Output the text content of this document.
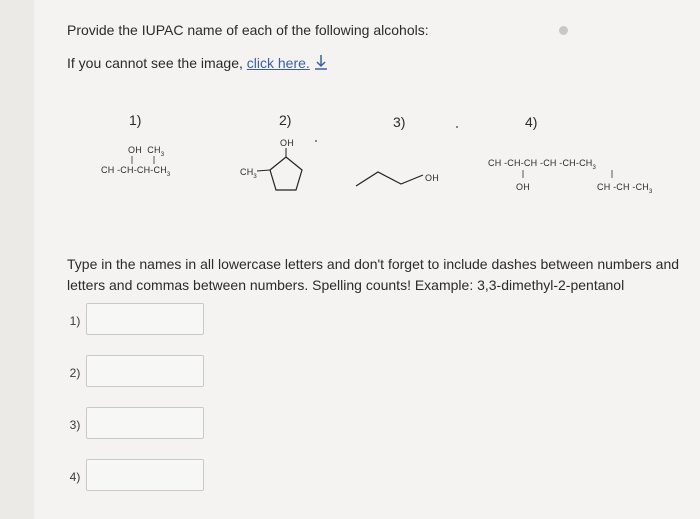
Provide the IUPAC name of each of the following alcohols:
If you cannot see the image, click here.
1)
OH  $CH_3$
CH $-CH-CH-CH_3$
2)
OH
$CH_3$
3)
OH
4)
CH -CH-CH -CH $-CH-CH_3$
OH	CH -CH $-CH_3$
Type in the names in all lowercase letters and don't forget to include dashes between numbers and letters and commas between numbers. Spelling counts! Example: 3,3-dimethyl-2-pentanol
1)
2)
3)
4)
